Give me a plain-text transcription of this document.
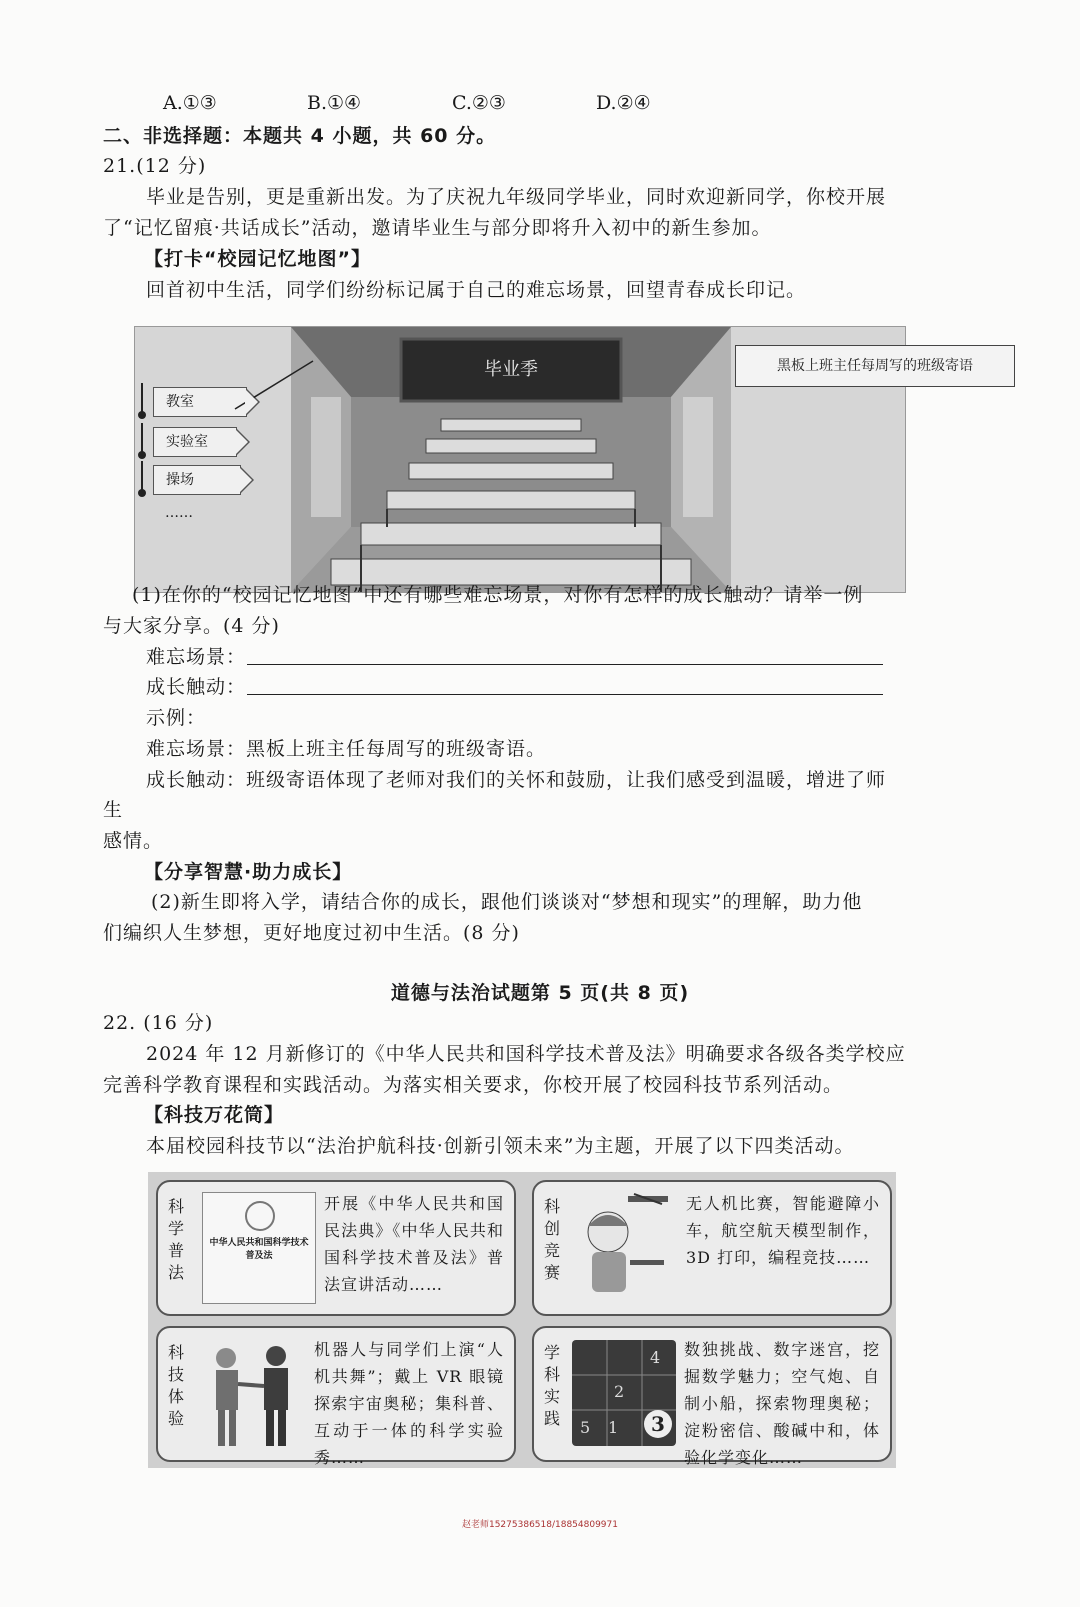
A.①③	B.①④	C.②③	D.②④
二、非选择题：本题共 4 小题，共 60 分。
21.(12 分)
毕业是告别，更是重新出发。为了庆祝九年级同学毕业，同时欢迎新同学，你校开展
了“记忆留痕·共话成长”活动，邀请毕业生与部分即将升入初中的新生参加。
【打卡“校园记忆地图”】
回首初中生活，同学们纷纷标记属于自己的难忘场景，回望青春成长印记。
教室
实验室
操场
……
毕业季	黑板上班主任每周写的班级寄语
(1)在你的“校园记忆地图”中还有哪些难忘场景，对你有怎样的成长触动？请举一例
与大家分享。(4 分)
难忘场景：
成长触动：
示例：
难忘场景：黑板上班主任每周写的班级寄语。
成长触动：班级寄语体现了老师对我们的关怀和鼓励，让我们感受到温暖，增进了师
生
感情。
【分享智慧·助力成长】
(2)新生即将入学，请结合你的成长，跟他们谈谈对“梦想和现实”的理解，助力他
们编织人生梦想，更好地度过初中生活。(8 分)
道德与法治试题第 5 页(共 8 页)
22. (16 分)
2024 年 12 月新修订的《中华人民共和国科学技术普及法》明确要求各级各类学校应
完善科学教育课程和实践活动。为落实相关要求，你校开展了校园科技节系列活动。
【科技万花筒】
本届校园科技节以“法治护航科技·创新引领未来”为主题，开展了以下四类活动。
科学普法
中华人民共和国科学技术普及法
开展《中华人民共和国民法典》《中华人民共和国科学技术普及法》普法宣讲活动……
科创竞赛
无人机比赛，智能避障小车，航空航天模型制作，3D 打印，编程竞技……
科技体验
机器人与同学们上演“人机共舞”；戴上 VR 眼镜探索宇宙奥秘；集科普、互动于一体的科学实验秀……
学科实践
4
2
5 1	3
数独挑战、数字迷宫，挖掘数学魅力；空气炮、自制小船，探索物理奥秘；淀粉密信、酸碱中和，体验化学变化……
赵老师15275386518/18854809971
